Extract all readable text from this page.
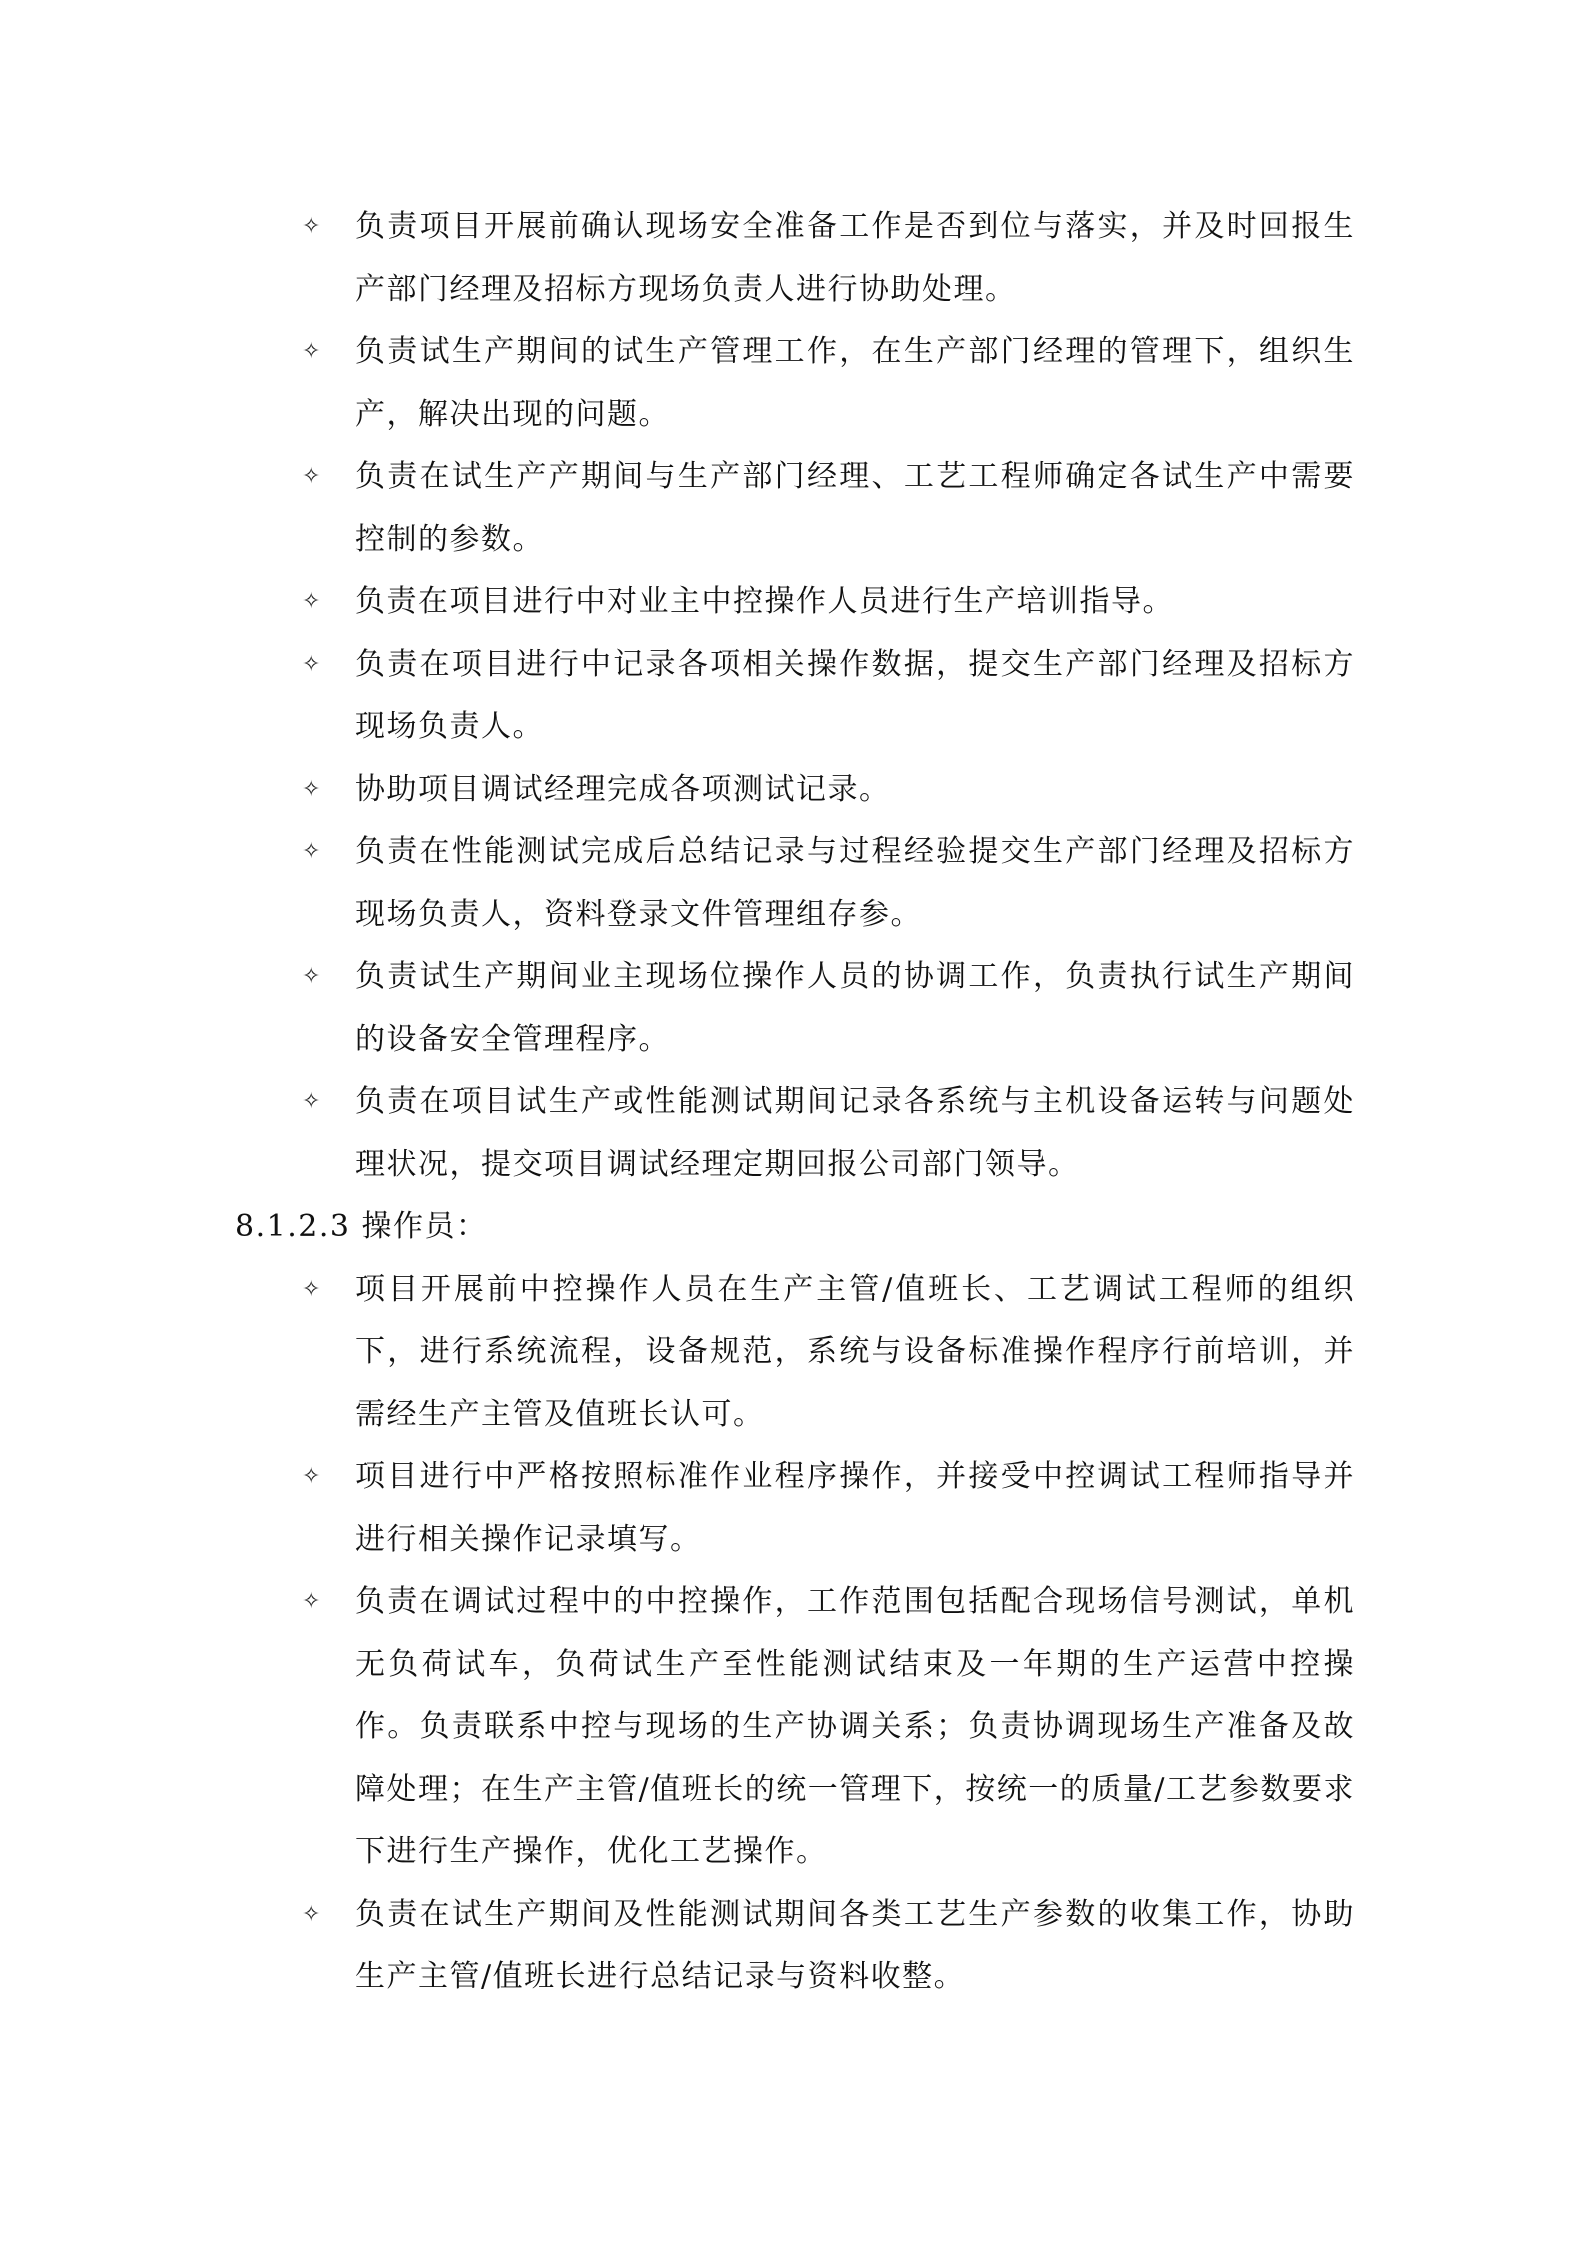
✧ 负责项目开展前确认现场安全准备工作是否到位与落实，并及时回报生产部门经理及招标方现场负责人进行协助处理。
✧ 负责试生产期间的试生产管理工作，在生产部门经理的管理下，组织生产，解决出现的问题。
✧ 负责在试生产产期间与生产部门经理、工艺工程师确定各试生产中需要控制的参数。
✧ 负责在项目进行中对业主中控操作人员进行生产培训指导。
✧ 负责在项目进行中记录各项相关操作数据，提交生产部门经理及招标方现场负责人。
✧ 协助项目调试经理完成各项测试记录。
✧ 负责在性能测试完成后总结记录与过程经验提交生产部门经理及招标方现场负责人，资料登录文件管理组存参。
✧ 负责试生产期间业主现场位操作人员的协调工作，负责执行试生产期间的设备安全管理程序。
✧ 负责在项目试生产或性能测试期间记录各系统与主机设备运转与问题处理状况，提交项目调试经理定期回报公司部门领导。
8.1.2.3 操作员：
✧ 项目开展前中控操作人员在生产主管/值班长、工艺调试工程师的组织下，进行系统流程，设备规范，系统与设备标准操作程序行前培训，并需经生产主管及值班长认可。
✧ 项目进行中严格按照标准作业程序操作，并接受中控调试工程师指导并进行相关操作记录填写。
✧ 负责在调试过程中的中控操作，工作范围包括配合现场信号测试，单机无负荷试车，负荷试生产至性能测试结束及一年期的生产运营中控操作。负责联系中控与现场的生产协调关系；负责协调现场生产准备及故障处理；在生产主管/值班长的统一管理下，按统一的质量/工艺参数要求下进行生产操作，优化工艺操作。
✧ 负责在试生产期间及性能测试期间各类工艺生产参数的收集工作，协助生产主管/值班长进行总结记录与资料收整。
